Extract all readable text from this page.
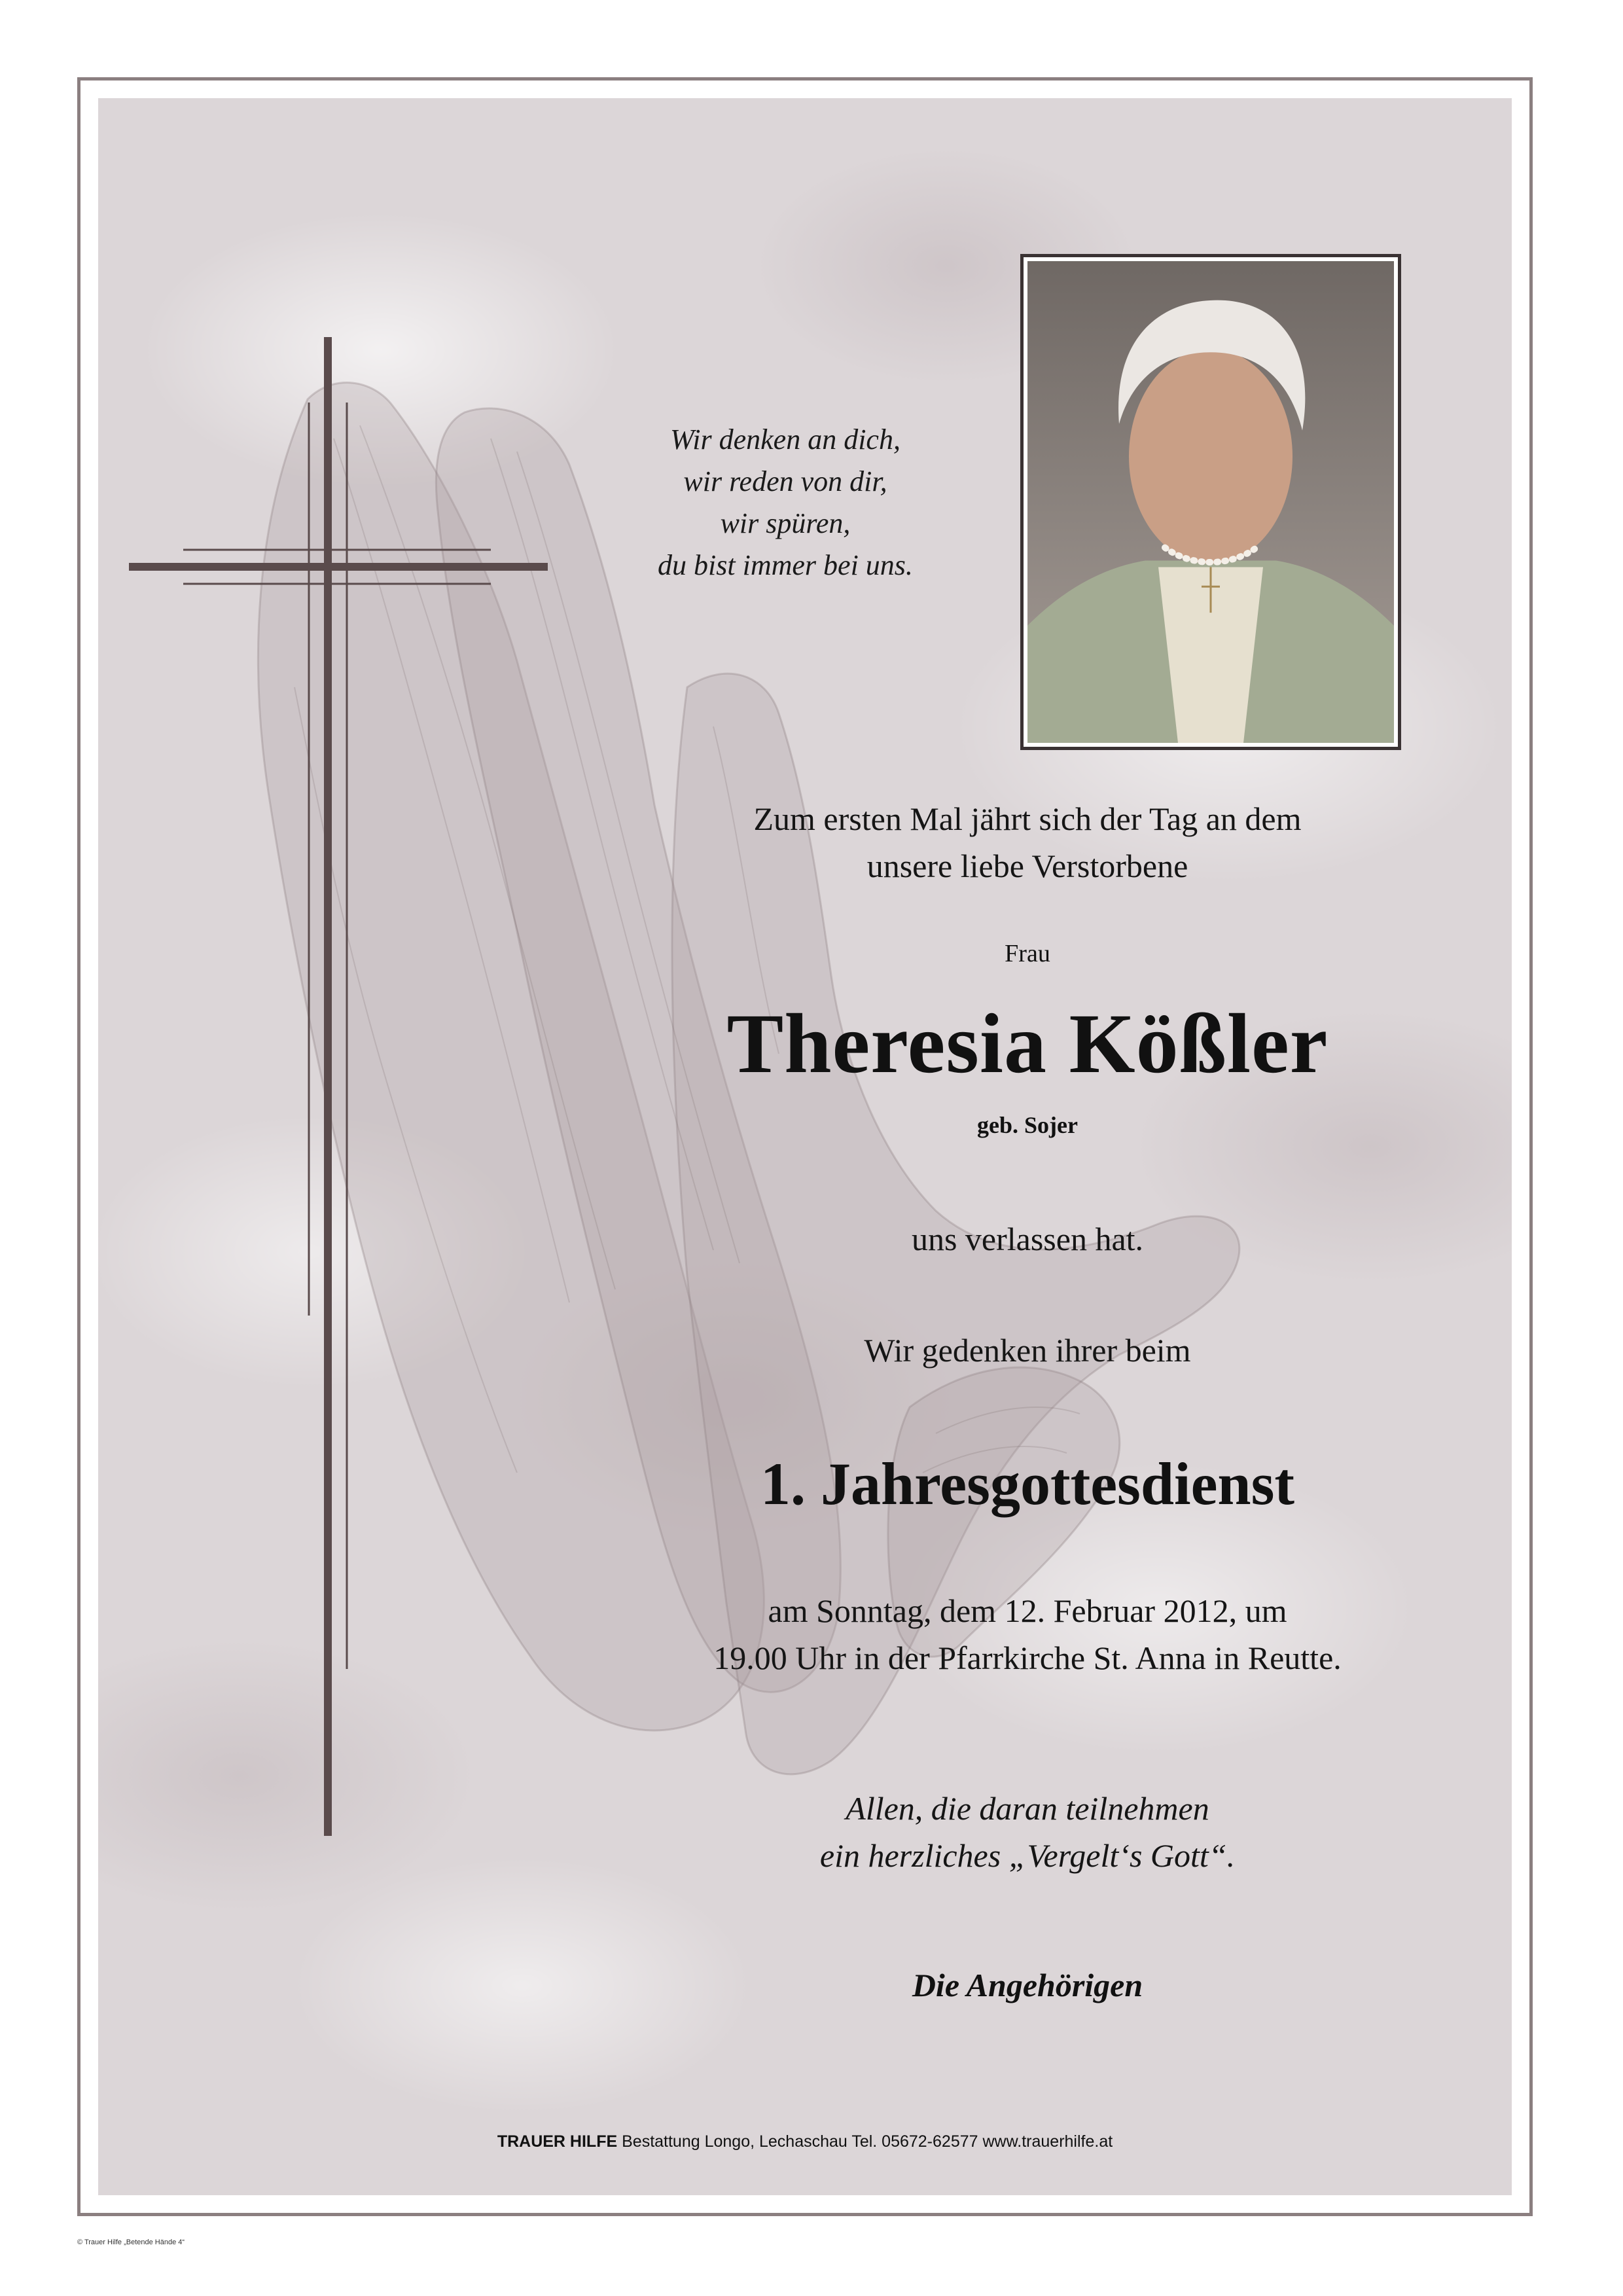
Wir denken an dich,
wir reden von dir,
wir spüren,
du bist immer bei uns.
Zum ersten Mal jährt sich der Tag an dem
unsere liebe Verstorbene
Frau
Theresia Kößler
geb. Sojer
uns verlassen hat.
Wir gedenken ihrer beim
1. Jahresgottesdienst
am Sonntag, dem 12. Februar 2012, um
19.00 Uhr in der Pfarrkirche St. Anna in Reutte.
Allen, die daran teilnehmen
ein herzliches „Vergelt‘s Gott“.
Die Angehörigen
TRAUER HILFE Bestattung Longo, Lechaschau Tel. 05672-62577 www.trauerhilfe.at
© Trauer Hilfe „Betende Hände 4“
